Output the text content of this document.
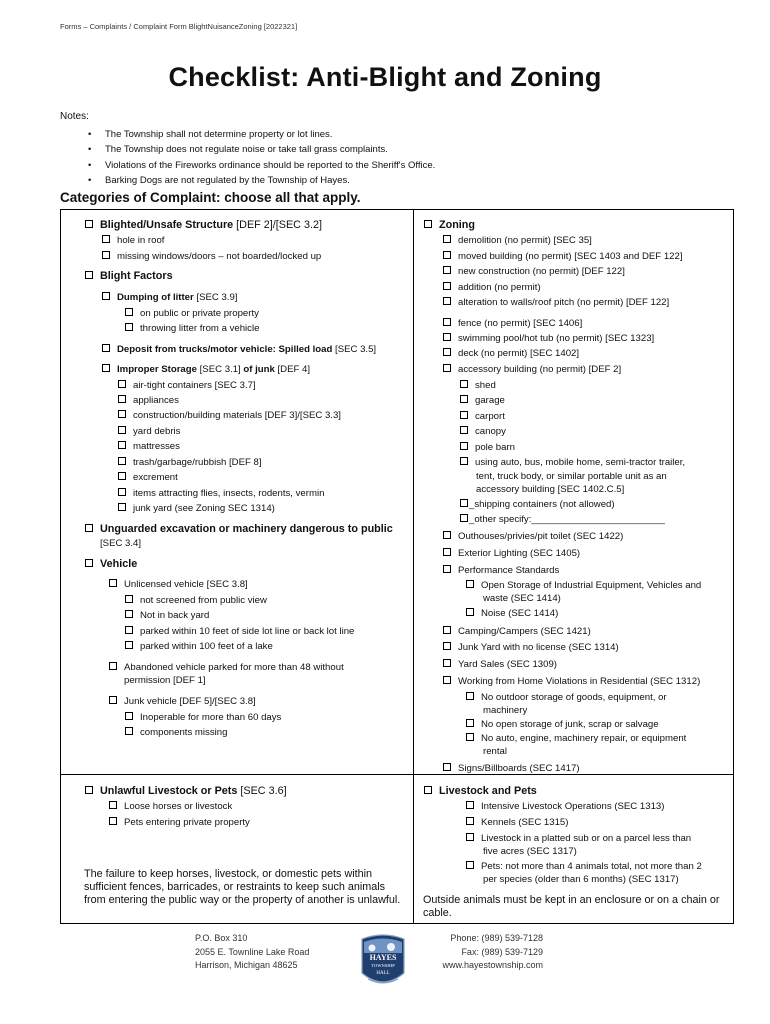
Forms – Complaints / Complaint Form BlightNuisanceZoning [2022321]
Checklist: Anti-Blight and Zoning
Notes:
• The Township shall not determine property or lot lines.
• The Township does not regulate noise or take tall grass complaints.
• Violations of the Fireworks ordinance should be reported to the Sheriff's Office.
• Barking Dogs are not regulated by the Township of Hayes.
Categories of Complaint: choose all that apply.
Blighted/Unsafe Structure [DEF 2]/[SEC 3.2]
hole in roof
missing windows/doors – not boarded/locked up
Blight Factors
Dumping of litter [SEC 3.9]
on public or private property
throwing litter from a vehicle
Deposit from trucks/motor vehicle: Spilled load [SEC 3.5]
Improper Storage [SEC 3.1] of junk [DEF 4]
air-tight containers [SEC 3.7]
appliances
construction/building materials [DEF 3]/[SEC 3.3]
yard debris
mattresses
trash/garbage/rubbish [DEF 8]
excrement
items attracting flies, insects, rodents, vermin
junk yard (see Zoning SEC 1314)
Unguarded excavation or machinery dangerous to public
[SEC 3.4]
Vehicle
Unlicensed vehicle [SEC 3.8]
not screened from public view
Not in back yard
parked within 10 feet of side lot line or back lot line
parked within 100 feet of a lake
Abandoned vehicle parked for more than 48 without
permission [DEF 1]
Junk vehicle [DEF 5]/[SEC 3.8]
Inoperable for more than 60 days
components missing
Unlawful Livestock or Pets [SEC 3.6]
Loose horses or livestock
Pets entering private property
The failure to keep horses, livestock, or domestic pets within sufficient fences, barricades, or restraints to keep such animals from entering the public way or the property of another is unlawful.
Zoning
demolition (no permit) [SEC 35]
moved building (no permit) [SEC 1403 and DEF 122]
new construction (no permit) [DEF 122]
addition (no permit)
alteration to walls/roof pitch (no permit) [DEF 122]
fence (no permit) [SEC 1406]
swimming pool/hot tub (no permit) [SEC 1323]
deck (no permit) [SEC 1402]
accessory building (no permit) [DEF 2]
shed
garage
carport
canopy
pole barn
using auto, bus, mobile home, semi-tractor trailer,
tent, truck body, or similar portable unit as an
accessory building [SEC 1402.C.5]
_shipping containers (not allowed)
_other specify:_________________________
Outhouses/privies/pit toilet (SEC 1422)
Exterior Lighting (SEC 1405)
Performance Standards
Open Storage of Industrial Equipment, Vehicles and
waste (SEC 1414)
Noise (SEC 1414)
Camping/Campers (SEC 1421)
Junk Yard with no license (SEC 1314)
Yard Sales (SEC 1309)
Working from Home Violations in Residential (SEC 1312)
No outdoor storage of goods, equipment, or
machinery
No open storage of junk, scrap or salvage
No auto, engine, machinery repair, or equipment
rental
Signs/Billboards (SEC 1417)
Livestock and Pets
Intensive Livestock Operations (SEC 1313)
Kennels (SEC 1315)
Livestock in a platted sub or on a parcel less than
five acres (SEC 1317)
Pets: not more than 4 animals total, not more than 2
per species (older than 6 months) (SEC 1317)
Outside animals must be kept in an enclosure or on a chain or cable.
P.O. Box 310
2055 E. Townline Lake Road
Harrison, Michigan 48625
HAYES
TOWNSHIP
HALL
Phone: (989) 539-7128
Fax: (989) 539-7129
www.hayestownship.com
